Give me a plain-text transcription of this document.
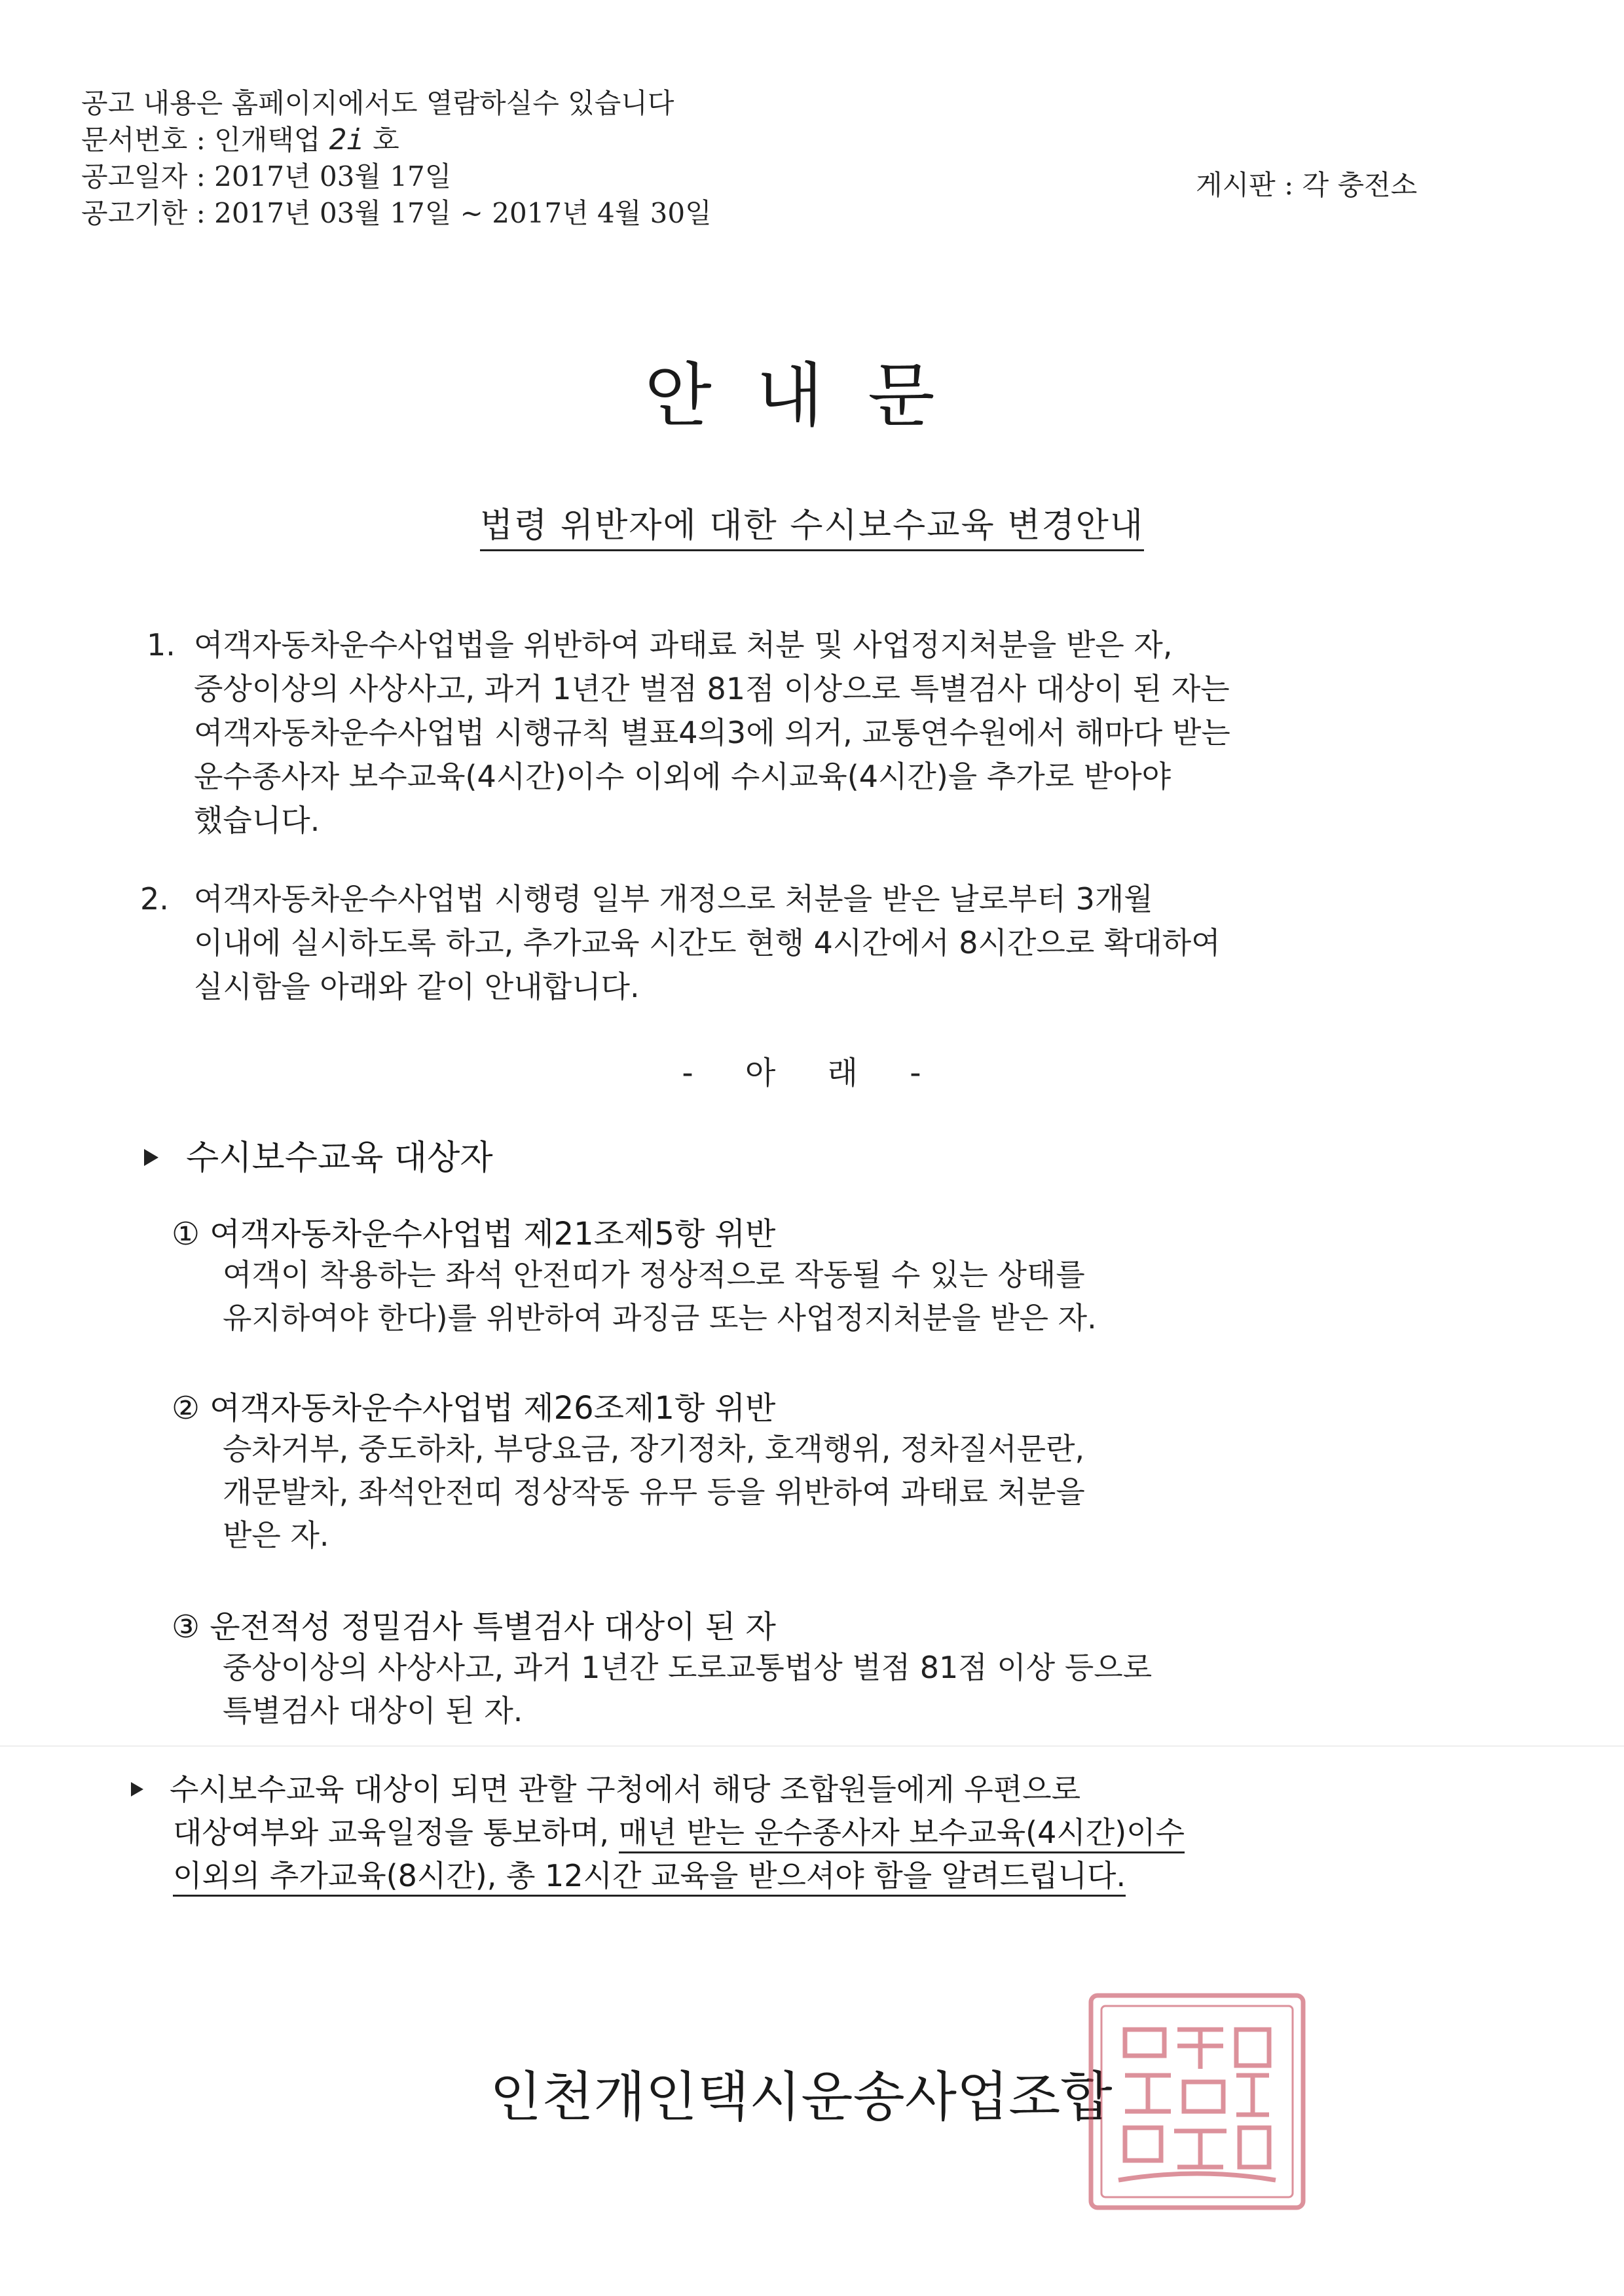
공고 내용은 홈페이지에서도 열람하실수 있습니다
문서번호 : 인개택업 2i 호
공고일자 : 2017년 03월 17일
공고기한 : 2017년 03월 17일 ~ 2017년 4월 30일
게시판 : 각 충전소
안내문
법령 위반자에 대한 수시보수교육 변경안내
1. 여객자동차운수사업법을 위반하여 과태료 처분 및 사업정지처분을 받은 자,
중상이상의 사상사고, 과거 1년간 벌점 81점 이상으로 특별검사 대상이 된 자는
여객자동차운수사업법 시행규칙 별표4의3에 의거, 교통연수원에서 해마다 받는
운수종사자 보수교육(4시간)이수 이외에 수시교육(4시간)을 추가로 받아야
했습니다.
2. 여객자동차운수사업법 시행령 일부 개정으로 처분을 받은 날로부터 3개월
이내에 실시하도록 하고, 추가교육 시간도 현행 4시간에서 8시간으로 확대하여
실시함을 아래와 같이 안내합니다.
- 아 래 -
수시보수교육 대상자
① 여객자동차운수사업법 제21조제5항 위반
여객이 착용하는 좌석 안전띠가 정상적으로 작동될 수 있는 상태를
유지하여야 한다)를 위반하여 과징금 또는 사업정지처분을 받은 자.
② 여객자동차운수사업법 제26조제1항 위반
승차거부, 중도하차, 부당요금, 장기정차, 호객행위, 정차질서문란,
개문발차, 좌석안전띠 정상작동 유무 등을 위반하여 과태료 처분을
받은 자.
③ 운전적성 정밀검사 특별검사 대상이 된 자
중상이상의 사상사고, 과거 1년간 도로교통법상 벌점 81점 이상 등으로
특별검사 대상이 된 자.
수시보수교육 대상이 되면 관할 구청에서 해당 조합원들에게 우편으로
대상여부와 교육일정을 통보하며, 매년 받는 운수종사자 보수교육(4시간)이수
이외의 추가교육(8시간), 총 12시간 교육을 받으셔야 함을 알려드립니다.
인천개인택시운송사업조합
